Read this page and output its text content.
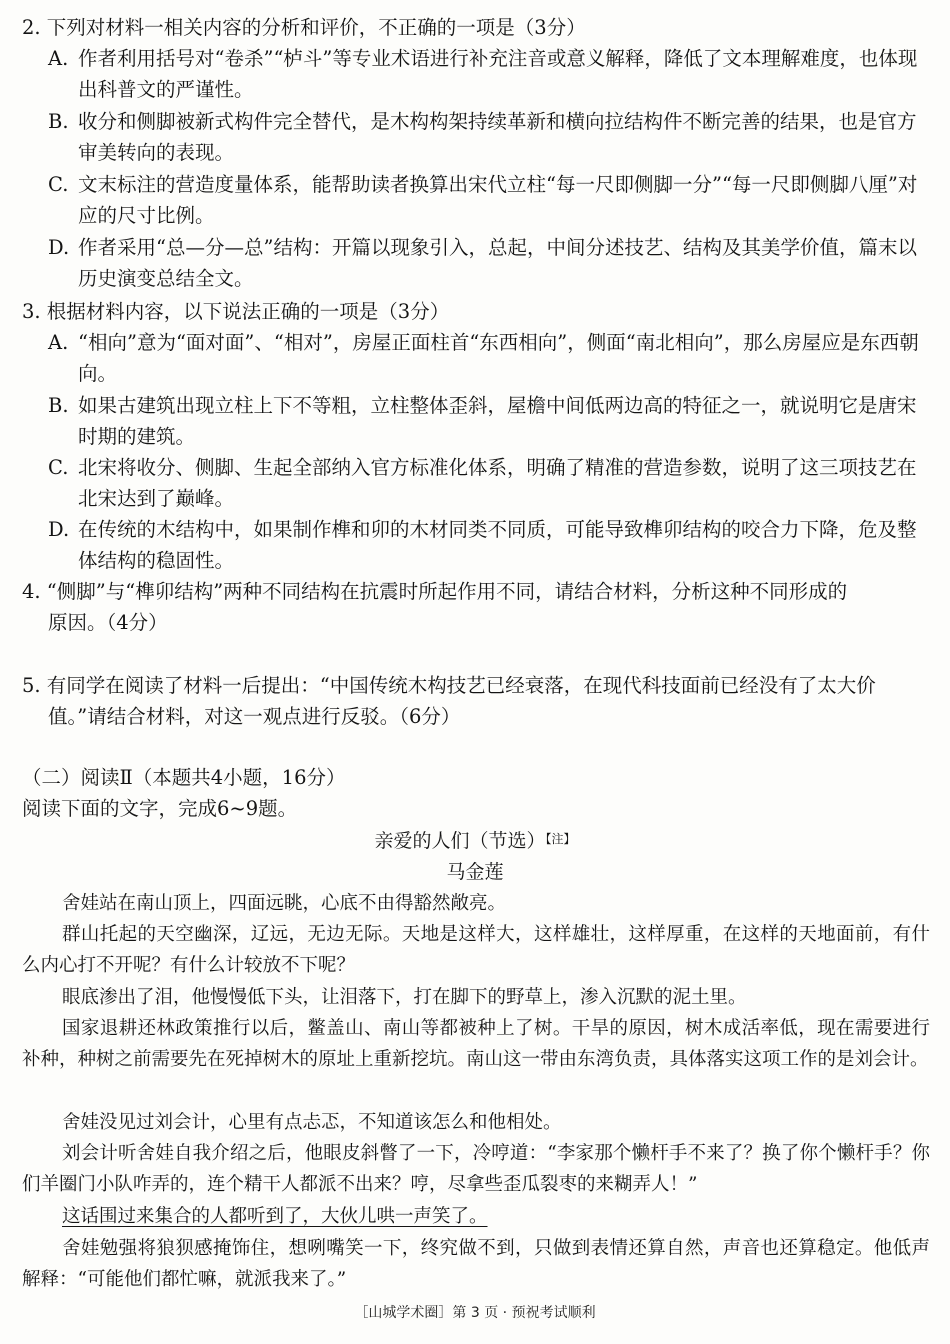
2. 下列对材料一相关内容的分析和评价，不正确的一项是（3分）
A. 作者利用括号对“卷杀”“栌斗”等专业术语进行补充注音或意义解释，降低了文本理解难度，也体现出科普文的严谨性。
B. 收分和侧脚被新式构件完全替代，是木构构架持续革新和横向拉结构件不断完善的结果，也是官方审美转向的表现。
C. 文末标注的营造度量体系，能帮助读者换算出宋代立柱“每一尺即侧脚一分”“每一尺即侧脚八厘”对应的尺寸比例。
D. 作者采用“总—分—总”结构：开篇以现象引入，总起，中间分述技艺、结构及其美学价值，篇末以历史演变总结全文。
3. 根据材料内容，以下说法正确的一项是（3分）
A. “相向”意为“面对面”、“相对”，房屋正面柱首“东西相向”，侧面“南北相向”，那么房屋应是东西朝向。
B. 如果古建筑出现立柱上下不等粗，立柱整体歪斜，屋檐中间低两边高的特征之一，就说明它是唐宋时期的建筑。
C. 北宋将收分、侧脚、生起全部纳入官方标准化体系，明确了精准的营造参数，说明了这三项技艺在北宋达到了巅峰。
D. 在传统的木结构中，如果制作榫和卯的木材同类不同质，可能导致榫卯结构的咬合力下降，危及整体结构的稳固性。
4. “侧脚”与“榫卯结构”两种不同结构在抗震时所起作用不同，请结合材料，分析这种不同形成的
原因。（4分）
5. 有同学在阅读了材料一后提出：“中国传统木构技艺已经衰落，在现代科技面前已经没有了太大价
值。”请结合材料，对这一观点进行反驳。（6分）
（二）阅读Ⅱ（本题共4小题，16分）
阅读下面的文字，完成6~9题。
亲爱的人们（节选）$^{【注】}$
马金莲
舍娃站在南山顶上，四面远眺，心底不由得豁然敞亮。
群山托起的天空幽深，辽远，无边无际。天地是这样大，这样雄壮，这样厚重，在这样的天地面前，有什么内心打不开呢？有什么计较放不下呢？
眼底渗出了泪，他慢慢低下头，让泪落下，打在脚下的野草上，渗入沉默的泥土里。
国家退耕还林政策推行以后，鳖盖山、南山等都被种上了树。干旱的原因，树木成活率低，现在需要进行补种，种树之前需要先在死掉树木的原址上重新挖坑。南山这一带由东湾负责，具体落实这项工作的是刘会计。
舍娃没见过刘会计，心里有点忐忑，不知道该怎么和他相处。
刘会计听舍娃自我介绍之后，他眼皮斜瞥了一下，冷哼道：“李家那个懒杆手不来了？换了你个懒杆手？你们羊圈门小队咋弄的，连个精干人都派不出来？哼，尽拿些歪瓜裂枣的来糊弄人！”
这话围过来集合的人都听到了，大伙儿哄一声笑了。
舍娃勉强将狼狈感掩饰住，想咧嘴笑一下，终究做不到，只做到表情还算自然，声音也还算稳定。他低声解释：“可能他们都忙嘛，就派我来了。”
［山城学术圈］第 3 页 · 预祝考试顺利
